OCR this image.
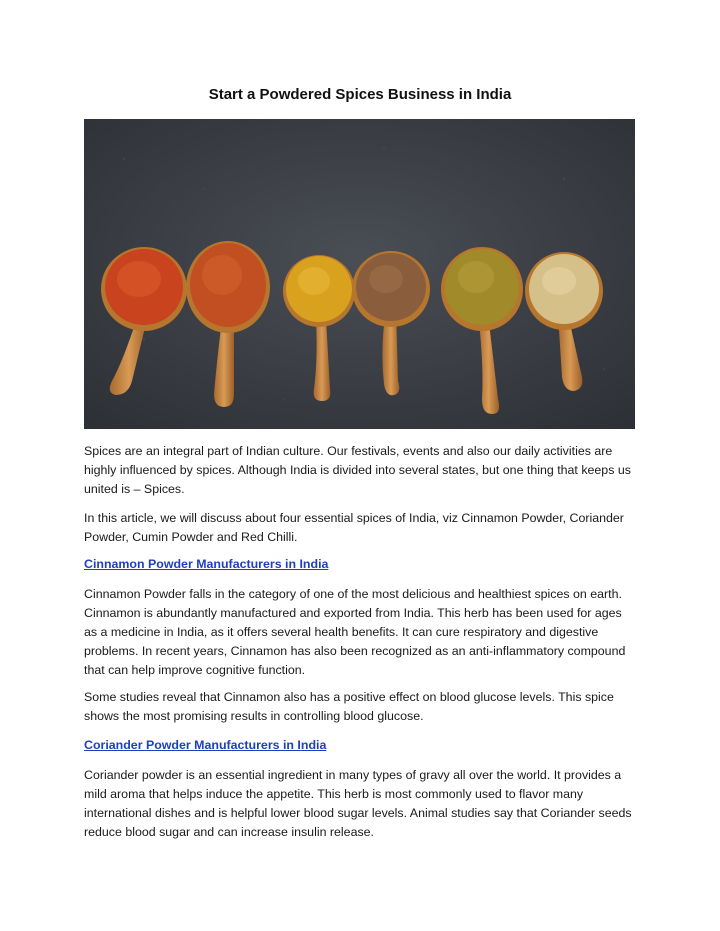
Start a Powdered Spices Business in India

Spices are an integral part of Indian culture. Our festivals, events and also our daily activities are highly influenced by spices. Although India is divided into several states, but one thing that keeps us united is – Spices.

In this article, we will discuss about four essential spices of India, viz Cinnamon Powder, Coriander Powder, Cumin Powder and Red Chilli.

Cinnamon Powder Manufacturers in India

Cinnamon Powder falls in the category of one of the most delicious and healthiest spices on earth. Cinnamon is abundantly manufactured and exported from India. This herb has been used for ages as a medicine in India, as it offers several health benefits. It can cure respiratory and digestive problems. In recent years, Cinnamon has also been recognized as an anti-inflammatory compound that can help improve cognitive function.

Some studies reveal that Cinnamon also has a positive effect on blood glucose levels. This spice shows the most promising results in controlling blood glucose.

Coriander Powder Manufacturers in India

Coriander powder is an essential ingredient in many types of gravy all over the world. It provides a mild aroma that helps induce the appetite. This herb is most commonly used to flavor many international dishes and is helpful lower blood sugar levels. Animal studies say that Coriander seeds reduce blood sugar and can increase insulin release.
